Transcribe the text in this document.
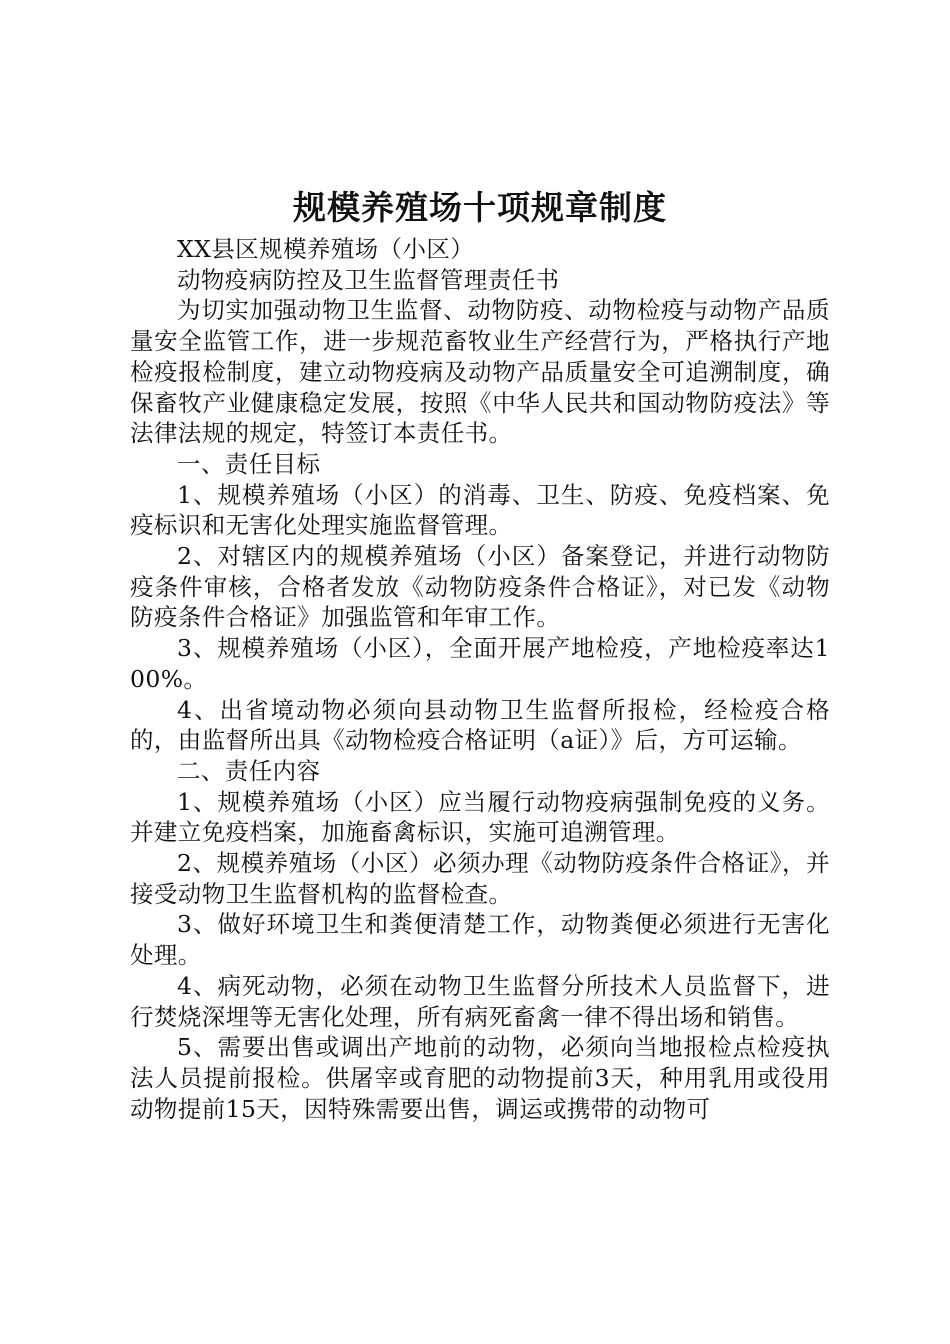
规模养殖场十项规章制度

XX县区规模养殖场（小区）

动物疫病防控及卫生监督管理责任书

为切实加强动物卫生监督、动物防疫、动物检疫与动物产品质量安全监管工作，进一步规范畜牧业生产经营行为，严格执行产地检疫报检制度，建立动物疫病及动物产品质量安全可追溯制度，确保畜牧产业健康稳定发展，按照《中华人民共和国动物防疫法》等法律法规的规定，特签订本责任书。

一、责任目标

1、规模养殖场（小区）的消毒、卫生、防疫、免疫档案、免疫标识和无害化处理实施监督管理。

2、对辖区内的规模养殖场（小区）备案登记，并进行动物防疫条件审核，合格者发放《动物防疫条件合格证》，对已发《动物防疫条件合格证》加强监管和年审工作。

3、规模养殖场（小区），全面开展产地检疫，产地检疫率达100%。

4、出省境动物必须向县动物卫生监督所报检，经检疫合格的，由监督所出具《动物检疫合格证明（a证）》后，方可运输。

二、责任内容

1、规模养殖场（小区）应当履行动物疫病强制免疫的义务。并建立免疫档案，加施畜禽标识，实施可追溯管理。

2、规模养殖场（小区）必须办理《动物防疫条件合格证》，并接受动物卫生监督机构的监督检查。

3、做好环境卫生和粪便清楚工作，动物粪便必须进行无害化处理。

4、病死动物，必须在动物卫生监督分所技术人员监督下，进行焚烧深埋等无害化处理，所有病死畜禽一律不得出场和销售。

5、需要出售或调出产地前的动物，必须向当地报检点检疫执法人员提前报检。供屠宰或育肥的动物提前3天，种用乳用或役用动物提前15天，因特殊需要出售，调运或携带的动物可
